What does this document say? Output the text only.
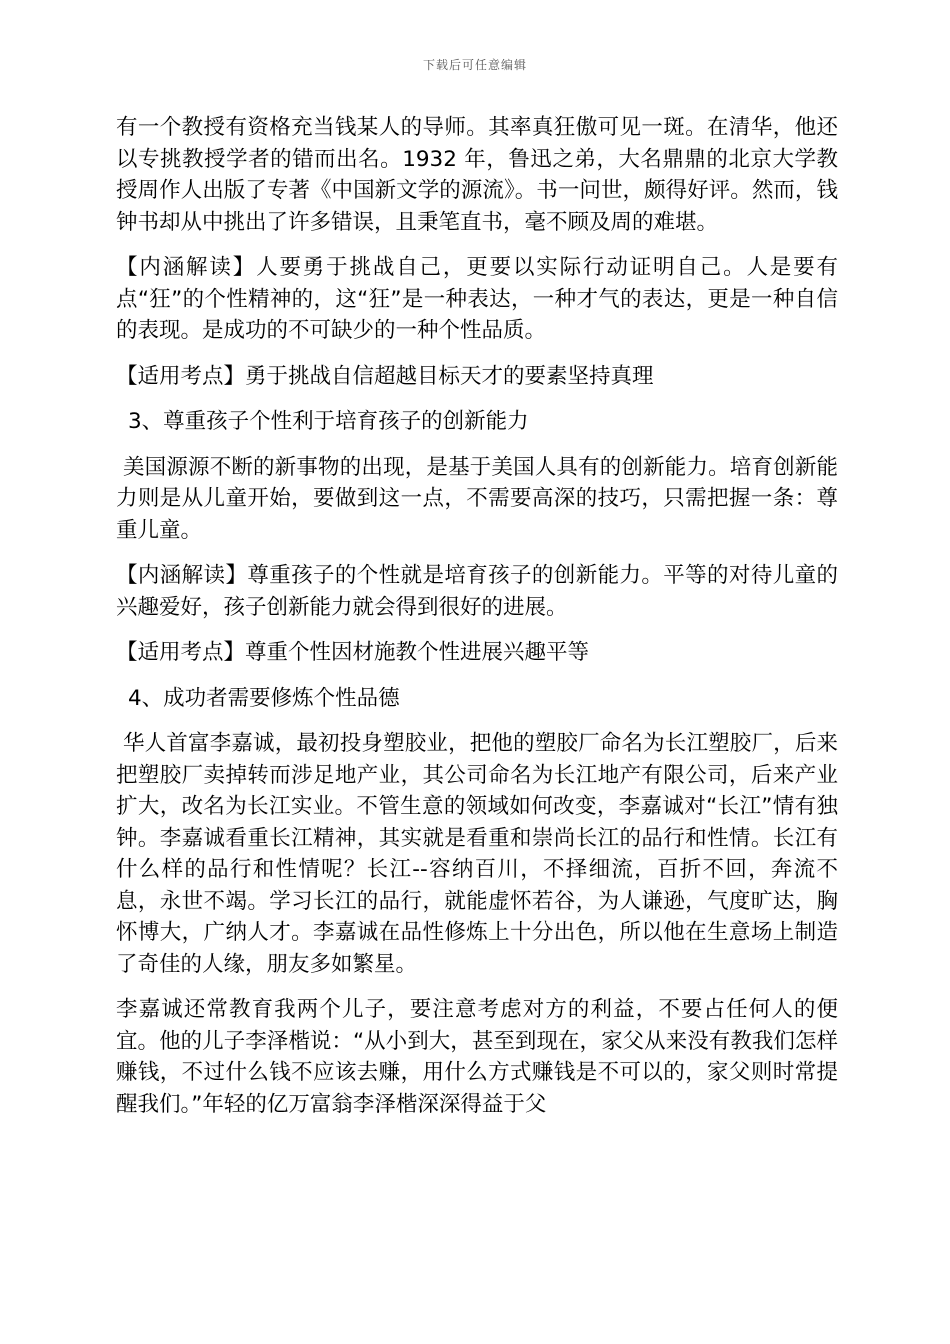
下载后可任意编辑

有一个教授有资格充当钱某人的导师。其率真狂傲可见一斑。在清华，他还以专挑教授学者的错而出名。1932 年，鲁迅之弟，大名鼎鼎的北京大学教授周作人出版了专著《中国新文学的源流》。书一问世，颇得好评。然而，钱钟书却从中挑出了许多错误，且秉笔直书，毫不顾及周的难堪。

【内涵解读】人要勇于挑战自己，更要以实际行动证明自己。人是要有点“狂”的个性精神的，这“狂”是一种表达，一种才气的表达，更是一种自信的表现。是成功的不可缺少的一种个性品质。

【适用考点】勇于挑战自信超越目标天才的要素坚持真理

3、尊重孩子个性利于培育孩子的创新能力

美国源源不断的新事物的出现，是基于美国人具有的创新能力。培育创新能力则是从儿童开始，要做到这一点，不需要高深的技巧，只需把握一条：尊重儿童。

【内涵解读】尊重孩子的个性就是培育孩子的创新能力。平等的对待儿童的兴趣爱好，孩子创新能力就会得到很好的进展。

【适用考点】尊重个性因材施教个性进展兴趣平等

4、成功者需要修炼个性品德

华人首富李嘉诚，最初投身塑胶业，把他的塑胶厂命名为长江塑胶厂，后来把塑胶厂卖掉转而涉足地产业，其公司命名为长江地产有限公司，后来产业扩大，改名为长江实业。不管生意的领域如何改变，李嘉诚对“长江”情有独钟。李嘉诚看重长江精神，其实就是看重和崇尚长江的品行和性情。长江有什么样的品行和性情呢？长江--容纳百川，不择细流，百折不回，奔流不息，永世不竭。学习长江的品行，就能虚怀若谷，为人谦逊，气度旷达，胸怀博大，广纳人才。李嘉诚在品性修炼上十分出色，所以他在生意场上制造了奇佳的人缘，朋友多如繁星。

李嘉诚还常教育我两个儿子，要注意考虑对方的利益，不要占任何人的便宜。他的儿子李泽楷说：“从小到大，甚至到现在，家父从来没有教我们怎样赚钱，不过什么钱不应该去赚，用什么方式赚钱是不可以的，家父则时常提醒我们。”年轻的亿万富翁李泽楷深深得益于父
